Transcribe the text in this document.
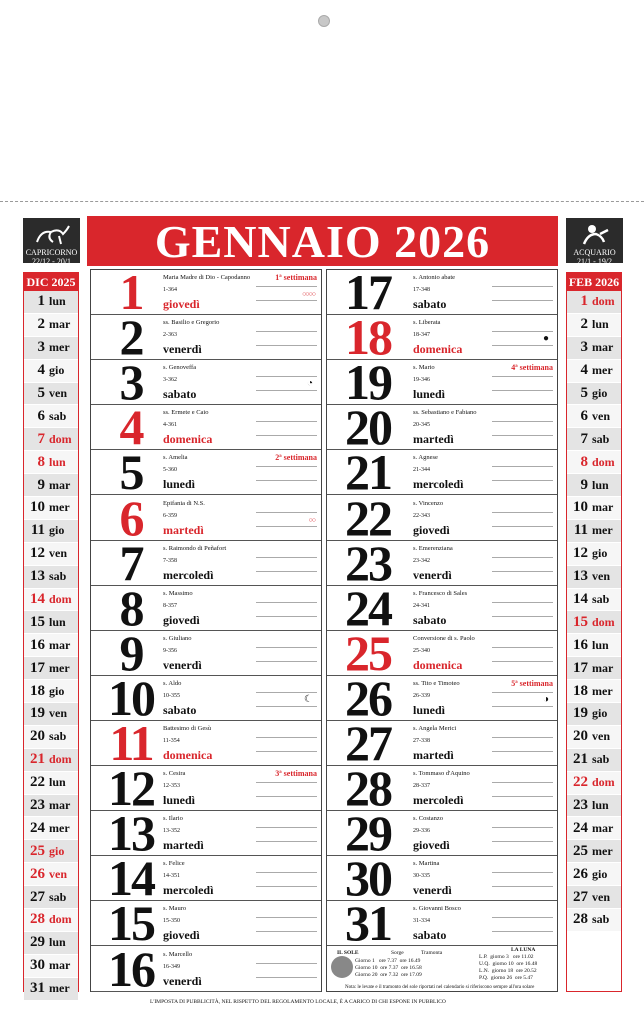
CAPRICORNO
22/12 - 20/1
ACQUARIO
21/1 - 19/2
GENNAIO 2026
DIC 2025
1 lun
2 mar
3 mer
4 gio
5 ven
6 sab
7 dom
8 lun
9 mar
10 mer
11 gio
12 ven
13 sab
14 dom
15 lun
16 mar
17 mer
18 gio
19 ven
20 sab
21 dom
22 lun
23 mar
24 mer
25 gio
26 ven
27 sab
28 dom
29 lun
30 mar
31 mer
FEB 2026
1 dom
2 lun
3 mar
4 mer
5 gio
6 ven
7 sab
8 dom
9 lun
10 mar
11 mer
12 gio
13 ven
14 sab
15 dom
16 lun
17 mar
18 mer
19 gio
20 ven
21 sab
22 dom
23 lun
24 mar
25 mer
26 gio
27 ven
28 sab
1	Maria Madre di Dio - Capodanno
1-364
giovedì
1ª settimana
○○○○
2	ss. Basilio e Gregorio
2-363
venerdì
3	s. Genoveffa
3-362
sabato
◔
4	ss. Ermete e Caio
4-361
domenica
5	s. Amelia
5-360
lunedì
2ª settimana
6	Epifania di N.S.
6-359
martedì
○○
7	s. Raimondo di Peñafort
7-358
mercoledì
8	s. Massimo
8-357
giovedì
9	s. Giuliano
9-356
venerdì
10	s. Aldo
10-355
sabato
☾
11	Battesimo di Gesù
11-354
domenica
12	s. Cesira
12-353
lunedì
3ª settimana
13	s. Ilario
13-352
martedì
14	s. Felice
14-351
mercoledì
15	s. Mauro
15-350
giovedì
16	s. Marcello
16-349
venerdì
17	s. Antonio abate
17-348
sabato
18	s. Liberata
18-347
domenica
●
19	s. Mario
19-346
lunedì
4ª settimana
20	ss. Sebastiano e Fabiano
20-345
martedì
21	s. Agnese
21-344
mercoledì
22	s. Vincenzo
22-343
giovedì
23	s. Emerenziana
23-342
venerdì
24	s. Francesco di Sales
24-341
sabato
25	Conversione di s. Paolo
25-340
domenica
26	ss. Tito e Timoteo
26-339
lunedì
5ª settimana
◑
27	s. Angela Merici
27-338
martedì
28	s. Tommaso d'Aquino
28-337
mercoledì
29	s. Costanzo
29-336
giovedì
30	s. Martina
30-335
venerdì
31	s. Giovanni Bosco
31-334
sabato
IL SOLE	Sorge	Tramonta
Giorno 1   ore 7.37  ore 16.49
Giorno 10  ore 7.37  ore 16.58
Giorno 20  ore 7.32  ore 17.09
LA LUNA
L.P.  giorno 3   ore 11.02
U.Q.  giorno 10  ore 16.48
L.N.  giorno 18  ore 20.52
P.Q.  giorno 26  ore 5.47
Nota: le levate e il tramonto del sole riportati nel calendario si riferiscono sempre all'ora solare
L'IMPOSTA DI PUBBLICITÀ, NEL RISPETTO DEL REGOLAMENTO LOCALE, È A CARICO DI CHI ESPONE IN PUBBLICO
